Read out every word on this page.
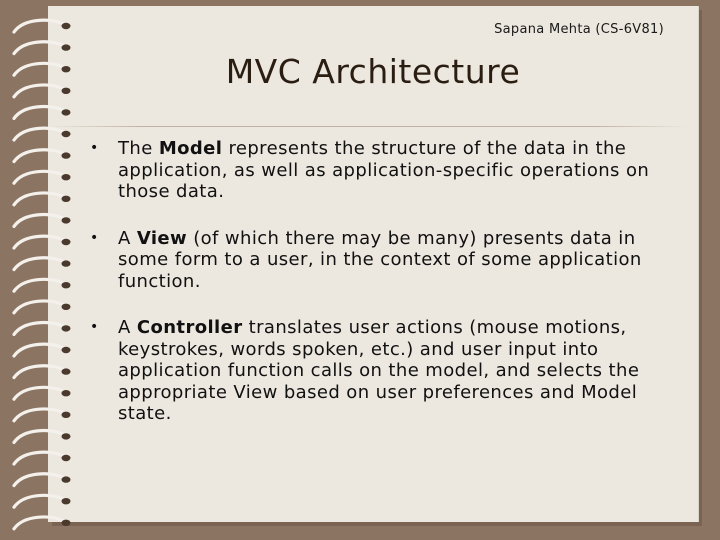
Sapana Mehta (CS-6V81)
MVC Architecture
• The Model represents the structure of the data in the application, as well as application-specific operations on those data.
• A View (of which there may be many) presents data in some form to a user, in the context of some application function.
• A Controller translates user actions (mouse motions, keystrokes, words spoken, etc.) and user input into application function calls on the model, and selects the appropriate View based on user preferences and Model state.
